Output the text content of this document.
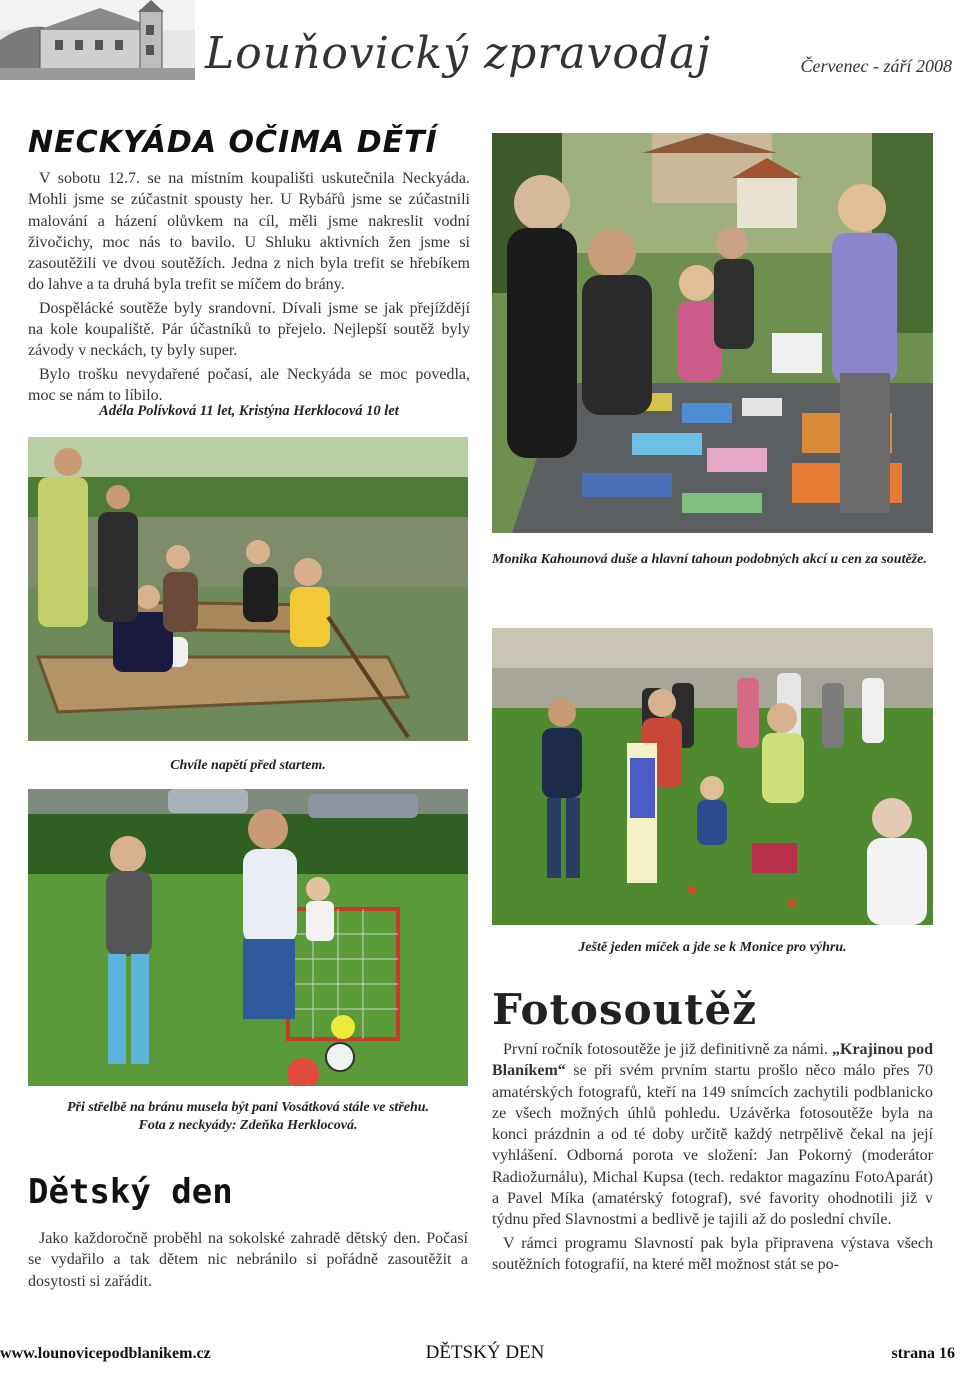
Louňovický zpravodaj	Červenec - září 2008
NECKYÁDA OČIMA DĚTÍ

V sobotu 12.7. se na místním koupališti uskutečnila Neckyáda. Mohli jsme se zúčastnit spousty her. U Rybářů jsme se zúčastnili malování a házení olůvkem na cíl, měli jsme nakreslit vodní živočichy, moc nás to bavilo. U Shluku aktivních žen jsme si zasoutěžili ve dvou soutěžích. Jedna z nich byla trefit se hřebíkem do lahve a ta druhá byla trefit se míčem do brány.

Dospělácké soutěže byly srandovní. Dívali jsme se jak přejíždějí na kole koupaliště. Pár účastníků to přejelo. Nejlepší soutěž byly závody v neckách, ty byly super.

Bylo trošku nevydařené počasí, ale Neckyáda se moc povedla, moc se nám to líbilo.

Adéla Polívková 11 let, Kristýna Herklocová 10 let
Monika Kahounová duše a hlavní tahoun podobných akcí u cen za soutěže.
Chvíle napětí před startem.
Ještě jeden míček a jde se k Monice pro výhru.
Při střelbě na bránu musela být pani Vosátková stále ve střehu.
Fota z neckyády: Zdeňka Herklocová.
Dětský den

Jako každoročně proběhl na sokolské zahradě dětský den. Počasí se vydařilo a tak dětem nic nebránilo si pořádně zasoutěžit a dosytosti si zařádit.

Fotosoutěž

První ročník fotosoutěže je již definitivně za námi. „Krajinou pod Blaníkem“ se při svém prvním startu prošlo něco málo přes 70 amatérských fotografů, kteří na 149 snímcích zachytili podblanicko ze všech možných úhlů pohledu. Uzávěrka fotosoutěže byla na konci prázdnin a od té doby určitě každý netrpělivě čekal na její vyhlášení. Odborná porota ve složení: Jan Pokorný (moderátor Radiožurnálu), Michal Kupsa (tech. redaktor magazínu FotoAparát) a Pavel Míka (amatérský fotograf), své favority ohodnotili již v týdnu před Slavnostmi a bedlivě je tajili až do poslední chvíle.

V rámci programu Slavností pak byla připravena výstava všech soutěžních fotografií, na které měl možnost stát se po-

www.lounovicepodblanikem.cz	DĚTSKÝ DEN	strana 16
